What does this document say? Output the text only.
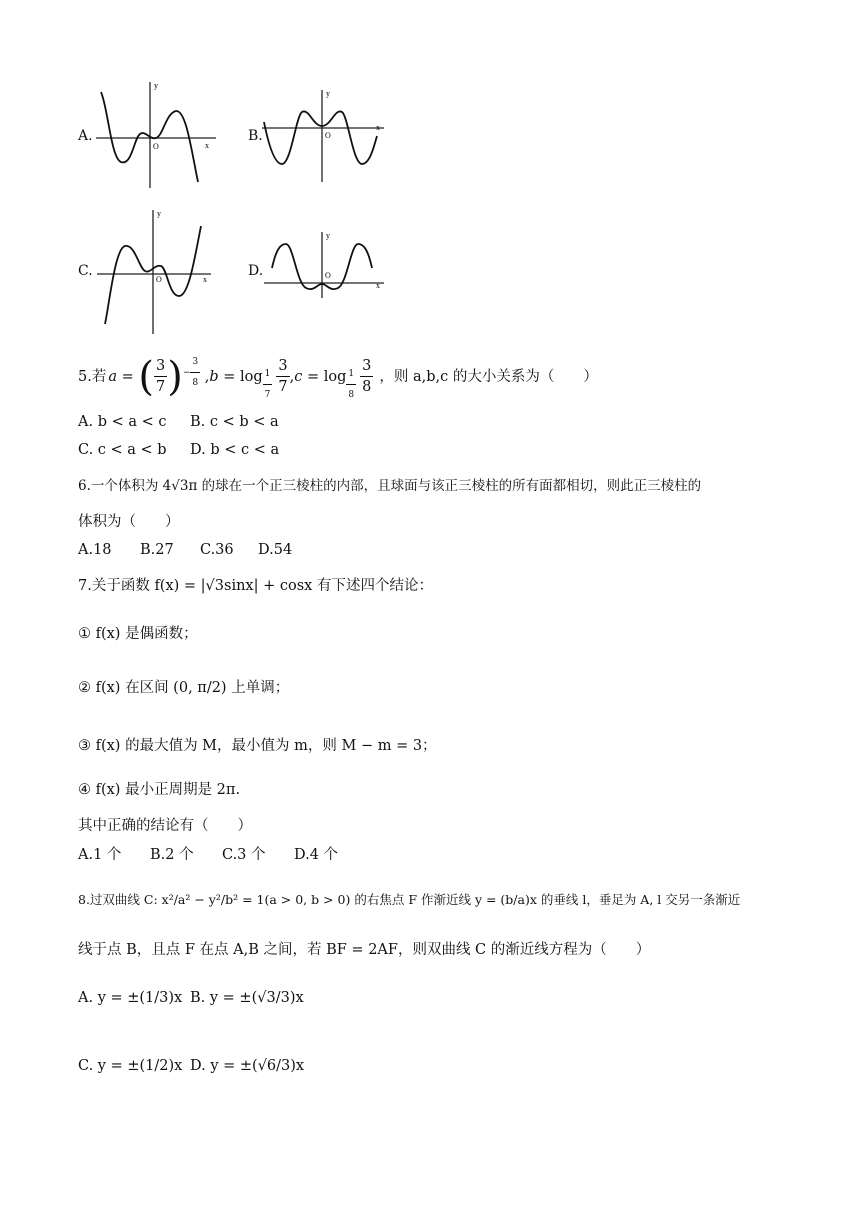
A.
y
x
O
B.
y
x
O
C.
y
x
O
D.
y
x
O
5.若 a = ( $\frac{3}{7}$ ) − $\frac{3}{8}$ , $b = \log \frac{1}{7} \frac{3}{7}$ , $c = \log \frac{1}{8} \frac{3}{8}$ ，则 a,b,c 的大小关系为（　　）
A. b < a < c B. c < b < a
C. c < a < b D. b < c < a
6.一个体积为 4√3π 的球在一个正三棱柱的内部，且球面与该正三棱柱的所有面都相切，则此正三棱柱的
体积为（　　）
A.18 B.27 C.36 D.54
7.关于函数 f(x) = |√3sinx| + cosx 有下述四个结论：
① f(x) 是偶函数；
② f(x) 在区间 (0, π/2) 上单调；
③ f(x) 的最大值为 M，最小值为 m，则 M − m = 3；
④ f(x) 最小正周期是 2π.
其中正确的结论有（　　）
A.1 个 B.2 个 C.3 个 D.4 个
8.过双曲线 C: x²/a² − y²/b² = 1(a > 0, b > 0) 的右焦点 F 作渐近线 y = (b/a)x 的垂线 l，垂足为 A, l 交另一条渐近
线于点 B，且点 F 在点 A,B 之间，若 BF = 2AF，则双曲线 C 的渐近线方程为（　　）
A. y = ±(1/3)x B. y = ±(√3/3)x
C. y = ±(1/2)x D. y = ±(√6/3)x
